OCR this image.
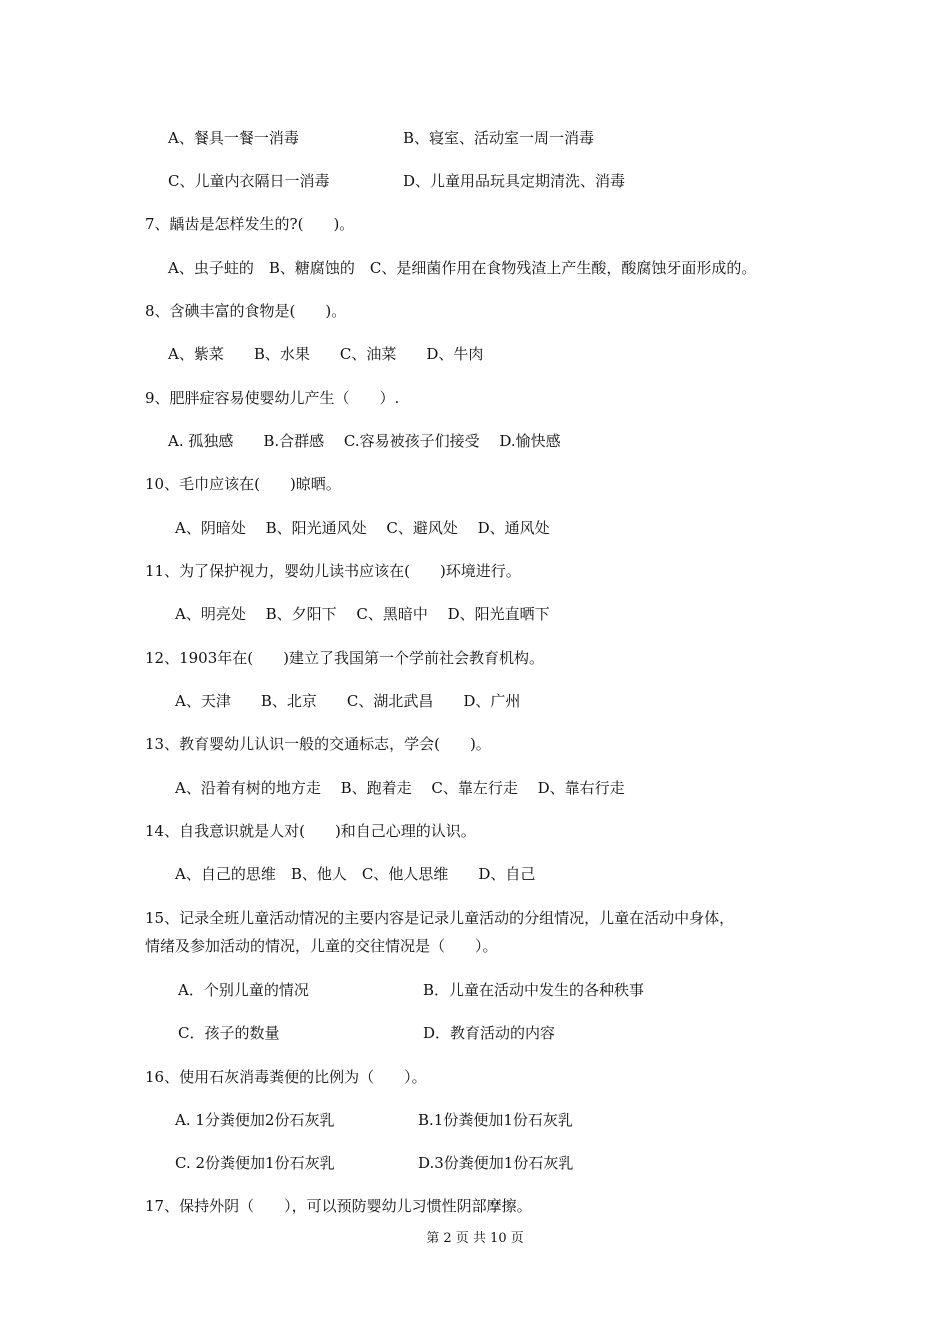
A、餐具一餐一消毒	B、寝室、活动室一周一消毒
C、儿童内衣隔日一消毒	D、儿童用品玩具定期清洗、消毒
7、龋齿是怎样发生的?(　　)。
A、虫子蛀的　B、糖腐蚀的　C、是细菌作用在食物残渣上产生酸，酸腐蚀牙面形成的。
8、含碘丰富的食物是(　　)。
A、紫菜　　B、水果　　C、油菜　　D、牛肉
9、肥胖症容易使婴幼儿产生（　　）.
A. 孤独感　　B.合群感　 C.容易被孩子们接受　 D.愉快感
10、毛巾应该在(　　)晾晒。
A、阴暗处　 B、阳光通风处　 C、避风处　 D、通风处
11、为了保护视力，婴幼儿读书应该在(　　)环境进行。
A、明亮处　 B、夕阳下　 C、黑暗中　 D、阳光直晒下
12、1903年在(　　)建立了我国第一个学前社会教育机构。
A、天津　　B、北京　　C、湖北武昌　　D、广州
13、教育婴幼儿认识一般的交通标志，学会(　　)。
A、沿着有树的地方走　 B、跑着走　 C、靠左行走　 D、靠右行走
14、自我意识就是人对(　　)和自己心理的认识。
A、自己的思维　B、他人　C、他人思维　　D、自己
15、记录全班儿童活动情况的主要内容是记录儿童活动的分组情况，儿童在活动中身体，
情绪及参加活动的情况，儿童的交往情况是（　　）。
A．个别儿童的情况	B．儿童在活动中发生的各种秩事
C．孩子的数量	D．教育活动的内容
16、使用石灰消毒粪便的比例为（　　）。
A. 1分粪便加2份石灰乳	B.1份粪便加1份石灰乳
C. 2份粪便加1份石灰乳	D.3份粪便加1份石灰乳
17、保持外阴（　　），可以预防婴幼儿习惯性阴部摩擦。
第 2 页 共 10 页
